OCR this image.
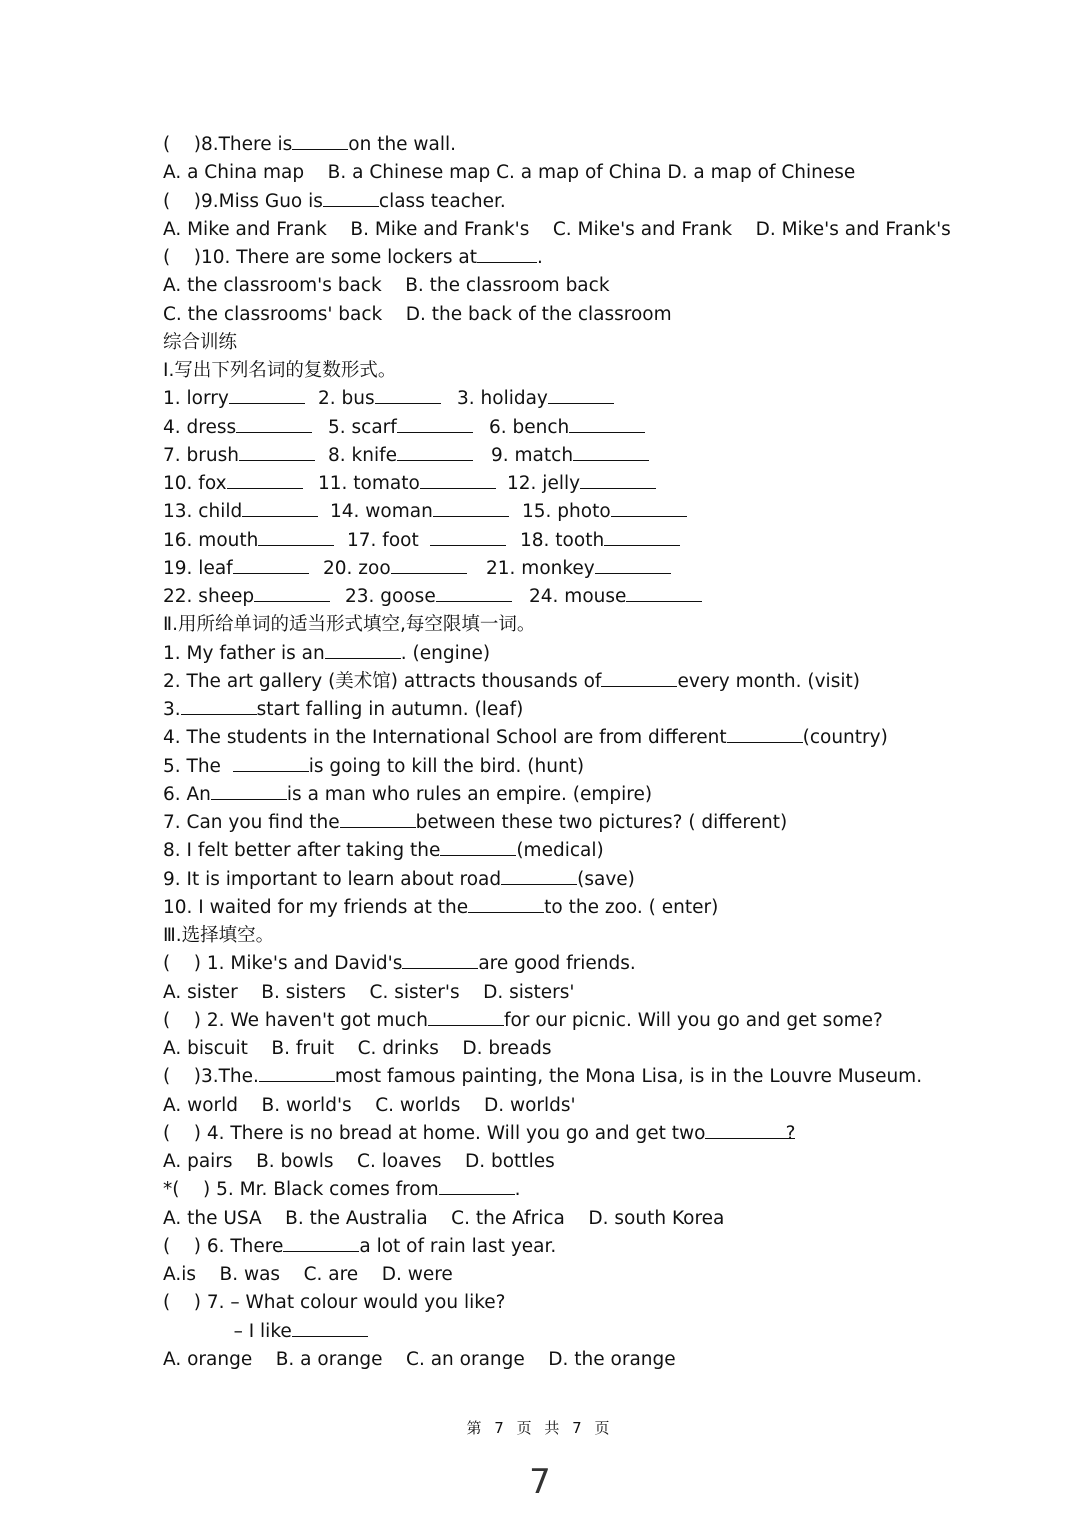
(    )8.There is	on the wall.
A. a China map    B. a Chinese map C. a map of China D. a map of Chinese
(    )9.Miss Guo is	class teacher.
A. Mike and Frank    B. Mike and Frank's    C. Mike's and Frank    D. Mike's and Frank's
(    )10. There are some lockers at	.
A. the classroom's back    B. the classroom back
C. the classrooms' back    D. the back of the classroom
综合训练
Ⅰ.写出下列名词的复数形式。
1. lorry	2. bus	3. holiday
4. dress	5. scarf	6. bench
7. brush	8. knife	9. match
10. fox	11. tomato	12. jelly
13. child	14. woman	15. photo
16. mouth	17. foot	18. tooth
19. leaf	20. zoo	21. monkey
22. sheep	23. goose	24. mouse
Ⅱ.用所给单词的适当形式填空,每空限填一词。
1. My father is an	. (engine)
2. The art gallery (美术馆) attracts thousands of	every month. (visit)
3.	start falling in autumn. (leaf)
4. The students in the International School are from different	(country)
5. The	is going to kill the bird. (hunt)
6. An	is a man who rules an empire. (empire)
7. Can you find the	between these two pictures? ( different)
8. I felt better after taking the	(medical)
9. It is important to learn about road	(save)
10. I waited for my friends at the	to the zoo. ( enter)
Ⅲ.选择填空。
(    ) 1. Mike's and David's	are good friends.
A. sister    B. sisters    C. sister's    D. sisters'
(    ) 2. We haven't got much	for our picnic. Will you go and get some?
A. biscuit    B. fruit    C. drinks    D. breads
(    )3.The.	most famous painting, the Mona Lisa, is in the Louvre Museum.
A. world    B. world's    C. worlds    D. worlds'
(    ) 4. There is no bread at home. Will you go and get two	?
A. pairs    B. bowls    C. loaves    D. bottles
*(    ) 5. Mr. Black comes from	.
A. the USA    B. the Australia    C. the Africa    D. south Korea
(    ) 6. There	a lot of rain last year.
A.is    B. was    C. are    D. were
(    ) 7. – What colour would you like?
– I like
A. orange    B. a orange    C. an orange    D. the orange
第 7 页 共 7 页
7
